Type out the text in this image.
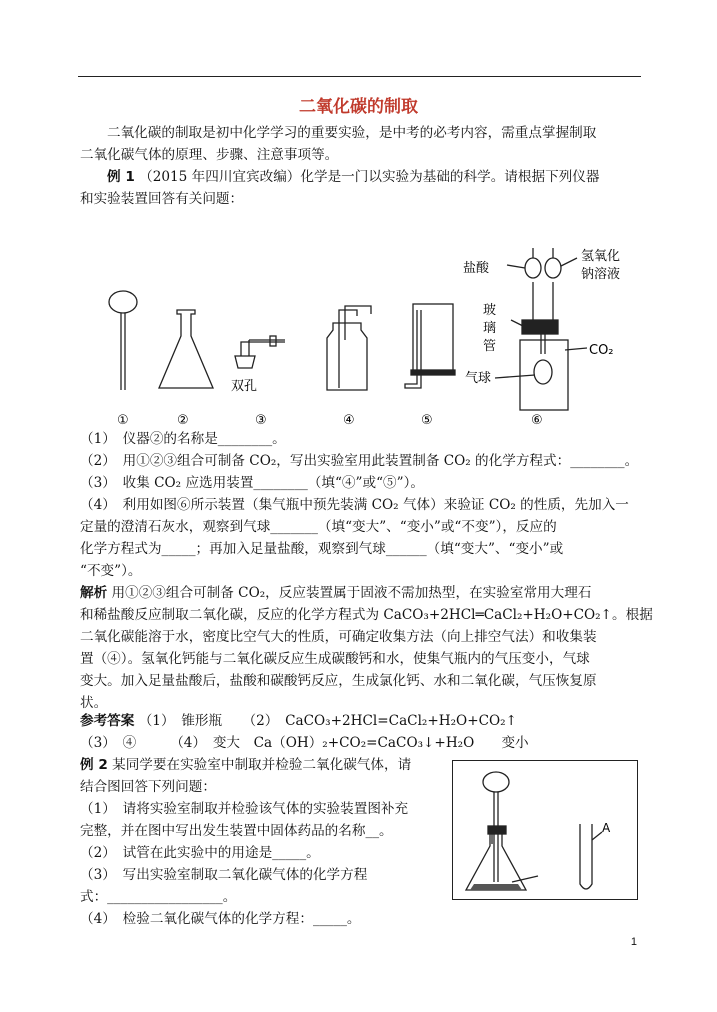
二氧化碳的制取
二氧化碳的制取是初中化学学习的重要实验，是中考的必考内容，需重点掌握制取
二氧化碳气体的原理、步骤、注意事项等。
例 1 （2015 年四川宜宾改编）化学是一门以实验为基础的科学。请根据下列仪器
和实验装置回答有关问题：
双孔
盐酸
氢氧化
钠溶液
玻
璃
管
气球
CO₂
①	②	③	④	⑤	⑥
（1）　仪器②的名称是________。
（2）　用①②③组合可制备 CO₂，写出实验室用此装置制备 CO₂ 的化学方程式：________。
（3）　收集 CO₂ 应选用装置________（填“④”或“⑤”）。
（4）　利用如图⑥所示装置（集气瓶中预先装满 CO₂ 气体）来验证 CO₂ 的性质，先加入一
定量的澄清石灰水，观察到气球_______（填“变大”、“变小”或“不变”），反应的
化学方程式为_____；再加入足量盐酸，观察到气球______（填“变大”、“变小”或
“不变”）。
解析 用①②③组合可制备 CO₂，反应装置属于固液不需加热型，在实验室常用大理石
和稀盐酸反应制取二氧化碳，反应的化学方程式为 CaCO₃+2HCl═CaCl₂+H₂O+CO₂↑。根据
二氧化碳能溶于水，密度比空气大的性质，可确定收集方法（向上排空气法）和收集装
置（④）。氢氧化钙能与二氧化碳反应生成碳酸钙和水，使集气瓶内的气压变小，气球
变大。加入足量盐酸后，盐酸和碳酸钙反应，生成氯化钙、水和二氧化碳，气压恢复原
状。
参考答案 （1）　锥形瓶　　（2）　CaCO₃+2HCl=CaCl₂+H₂O+CO₂↑
（3）　④　　　（4）　变大　Ca（OH）₂+CO₂=CaCO₃↓+H₂O　　变小
例 2 某同学要在实验室中制取并检验二氧化碳气体，请
结合图回答下列问题：
（1）　请将实验室制取并检验该气体的实验装置图补充
完整，并在图中写出发生装置中固体药品的名称__。
（2）　试管在此实验中的用途是_____。
（3）　写出实验室制取二氧化碳气体的化学方程
式：_________________。
（4）　检验二氧化碳气体的化学方程：_____。
A
1
